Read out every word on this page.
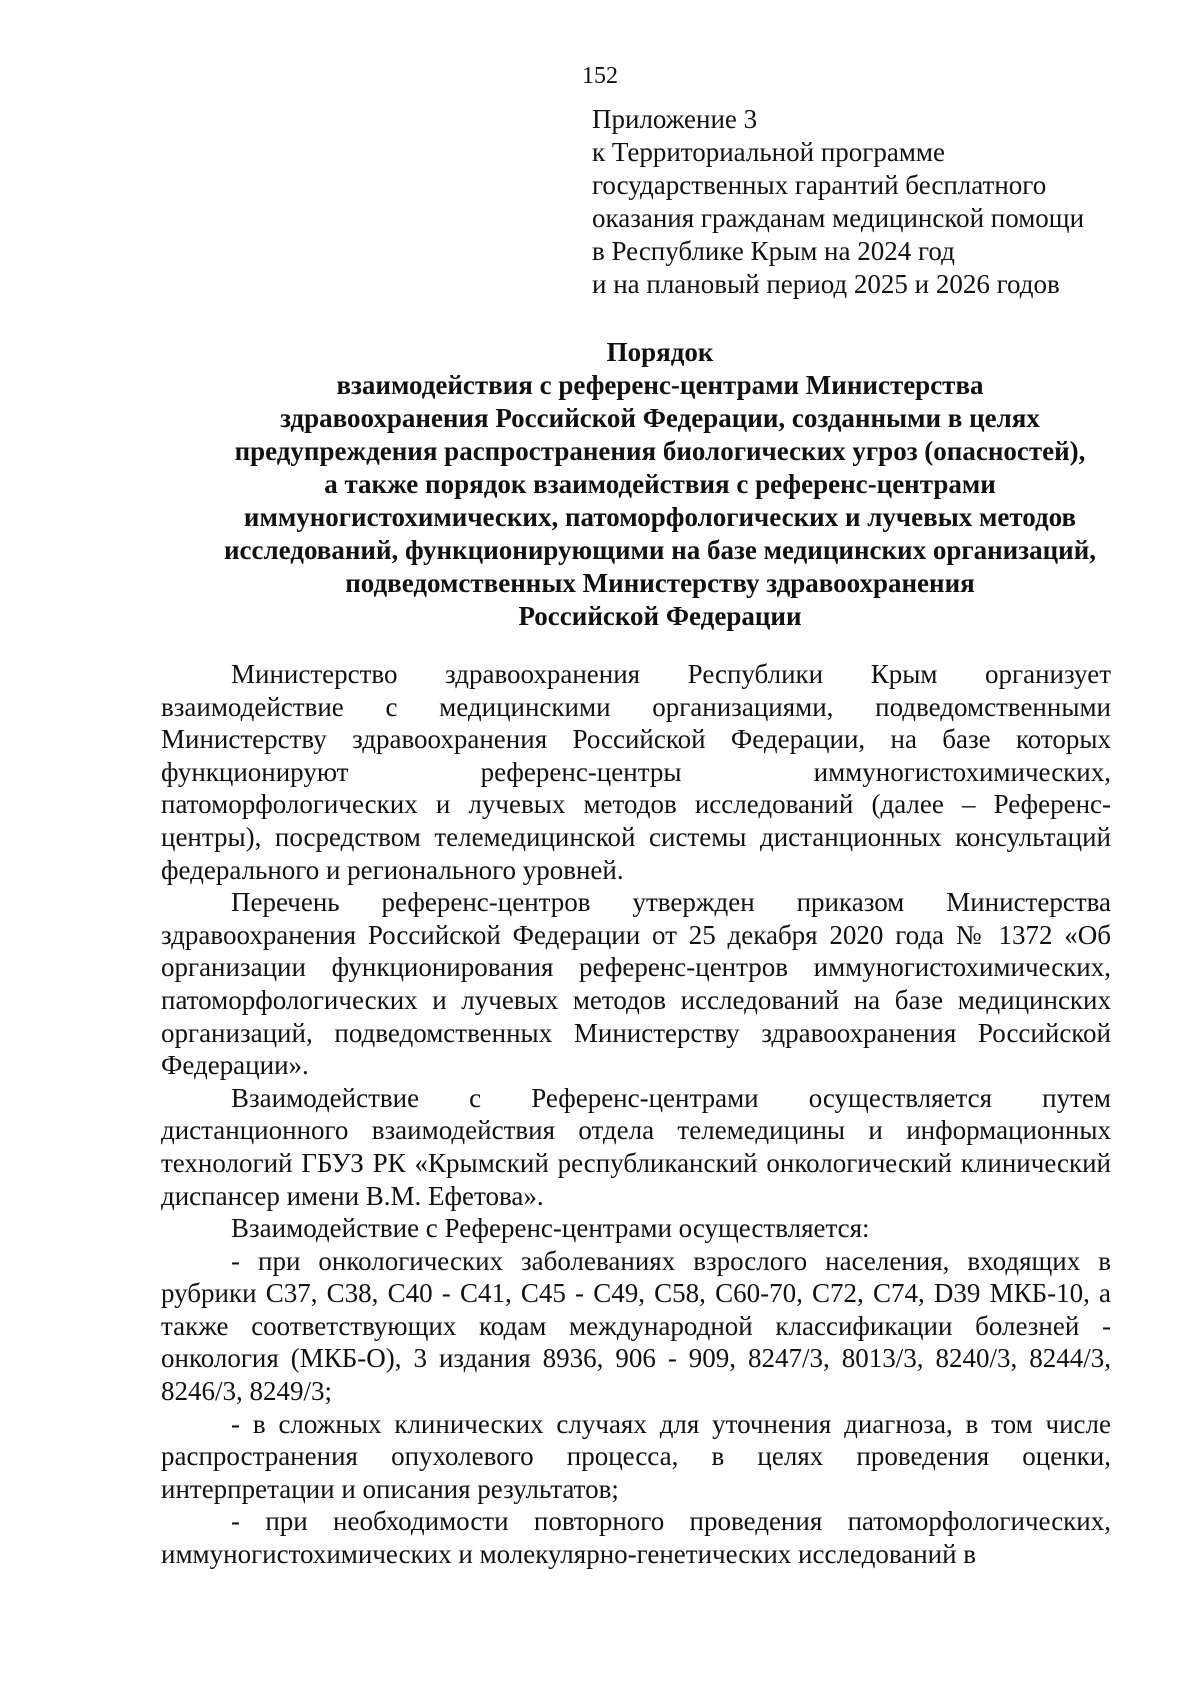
152
Приложение 3
к Территориальной программе
государственных гарантий бесплатного
оказания гражданам медицинской помощи
в Республике Крым на 2024 год
и на плановый период 2025 и 2026 годов
Порядок
взаимодействия с референс-центрами Министерства
здравоохранения Российской Федерации, созданными в целях
предупреждения распространения биологических угроз (опасностей),
а также порядок взаимодействия с референс-центрами
иммуногистохимических, патоморфологических и лучевых методов
исследований, функционирующими на базе медицинских организаций,
подведомственных Министерству здравоохранения
Российской Федерации

Министерство здравоохранения Республики Крым организует взаимодействие с медицинскими организациями, подведомственными Министерству здравоохранения Российской Федерации, на базе которых функционируют референс-центры иммуногистохимических, патоморфологических и лучевых методов исследований (далее – Референс-центры), посредством телемедицинской системы дистанционных консультаций федерального и регионального уровней.

Перечень референс-центров утвержден приказом Министерства здравоохранения Российской Федерации от 25 декабря 2020 года № 1372 «Об организации функционирования референс-центров иммуногистохимических, патоморфологических и лучевых методов исследований на базе медицинских организаций, подведомственных Министерству здравоохранения Российской Федерации».

Взаимодействие с Референс-центрами осуществляется путем дистанционного взаимодействия отдела телемедицины и информационных технологий ГБУЗ РК «Крымский республиканский онкологический клинический диспансер имени В.М. Ефетова».

Взаимодействие с Референс-центрами осуществляется:

- при онкологических заболеваниях взрослого населения, входящих в рубрики С37, С38, С40 - С41, С45 - С49, С58, С60-70, С72, С74, D39 МКБ-10, а также соответствующих кодам международной классификации болезней - онкология (МКБ-О), 3 издания 8936, 906 - 909, 8247/3, 8013/3, 8240/3, 8244/3, 8246/3, 8249/3;

- в сложных клинических случаях для уточнения диагноза, в том числе распространения опухолевого процесса, в целях проведения оценки, интерпретации и описания результатов;

- при необходимости повторного проведения патоморфологических, иммуногистохимических и молекулярно-генетических исследований в
